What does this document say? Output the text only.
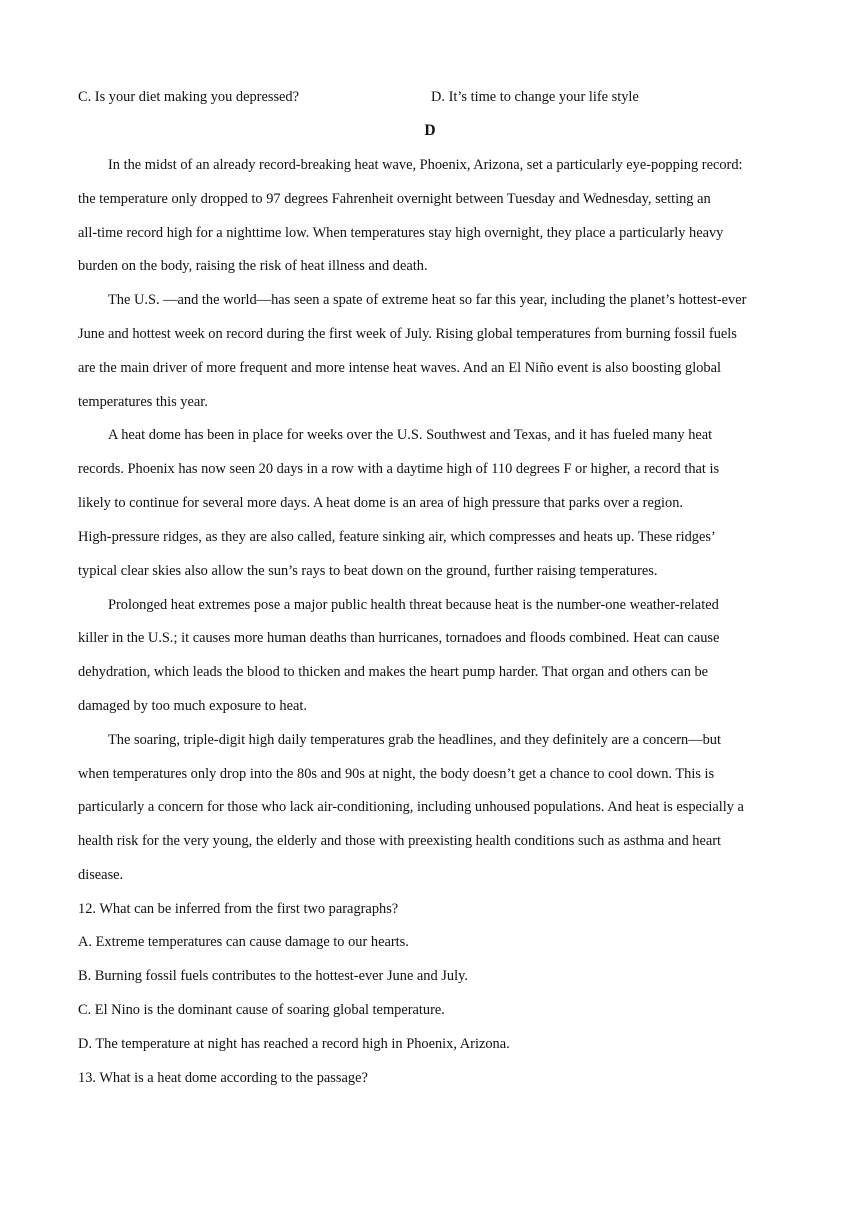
C. Is your diet making you depressed?	D. It’s time to change your life style
D
In the midst of an already record-breaking heat wave, Phoenix, Arizona, set a particularly eye-popping record:
the temperature only dropped to 97 degrees Fahrenheit overnight between Tuesday and Wednesday, setting an
all-time record high for a nighttime low. When temperatures stay high overnight, they place a particularly heavy
burden on the body, raising the risk of heat illness and death.
The U.S. —and the world—has seen a spate of extreme heat so far this year, including the planet’s hottest-ever
June and hottest week on record during the first week of July. Rising global temperatures from burning fossil fuels
are the main driver of more frequent and more intense heat waves. And an El Niño event is also boosting global
temperatures this year.
A heat dome has been in place for weeks over the U.S. Southwest and Texas, and it has fueled many heat
records. Phoenix has now seen 20 days in a row with a daytime high of 110 degrees F or higher, a record that is
likely to continue for several more days. A heat dome is an area of high pressure that parks over a region.
High-pressure ridges, as they are also called, feature sinking air, which compresses and heats up. These ridges’
typical clear skies also allow the sun’s rays to beat down on the ground, further raising temperatures.
Prolonged heat extremes pose a major public health threat because heat is the number-one weather-related
killer in the U.S.; it causes more human deaths than hurricanes, tornadoes and floods combined. Heat can cause
dehydration, which leads the blood to thicken and makes the heart pump harder. That organ and others can be
damaged by too much exposure to heat.
The soaring, triple-digit high daily temperatures grab the headlines, and they definitely are a concern—but
when temperatures only drop into the 80s and 90s at night, the body doesn’t get a chance to cool down. This is
particularly a concern for those who lack air-conditioning, including unhoused populations. And heat is especially a
health risk for the very young, the elderly and those with preexisting health conditions such as asthma and heart
disease.
12. What can be inferred from the first two paragraphs?
A. Extreme temperatures can cause damage to our hearts.
B. Burning fossil fuels contributes to the hottest-ever June and July.
C. El Nino is the dominant cause of soaring global temperature.
D. The temperature at night has reached a record high in Phoenix, Arizona.
13. What is a heat dome according to the passage?
